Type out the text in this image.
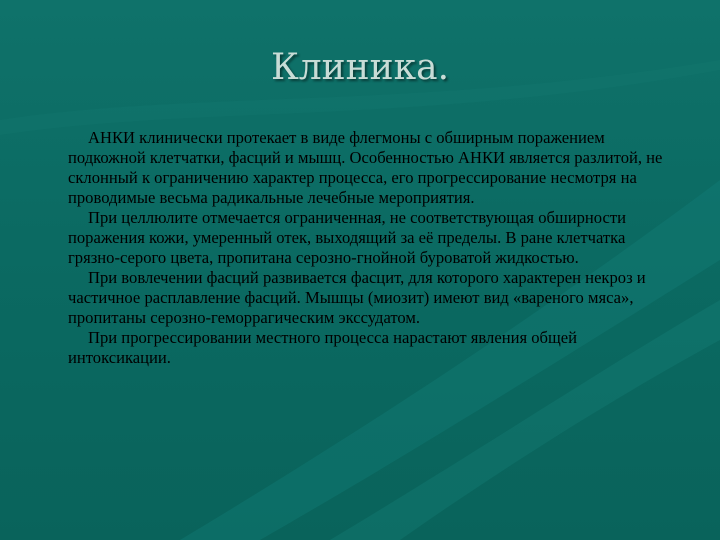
Клиника.

АНКИ клинически протекает в виде флегмоны с обширным поражением подкожной клетчатки, фасций и мышц. Особенностью АНКИ является разлитой, не склонный к ограничению характер процесса, его прогрессирование несмотря на проводимые весьма радикальные лечебные мероприятия.

При целлюлите отмечается ограниченная, не соответствующая обширности поражения кожи, умеренный отек, выходящий за её пределы. В ране клетчатка грязно-серого цвета, пропитана серозно-гнойной буроватой жидкостью.

При вовлечении фасций развивается фасцит, для которого характерен некроз и частичное расплавление фасций. Мышцы (миозит) имеют вид «вареного мяса», пропитаны серозно-геморрагическим экссудатом.

При прогрессировании местного процесса нарастают явления общей интоксикации.
